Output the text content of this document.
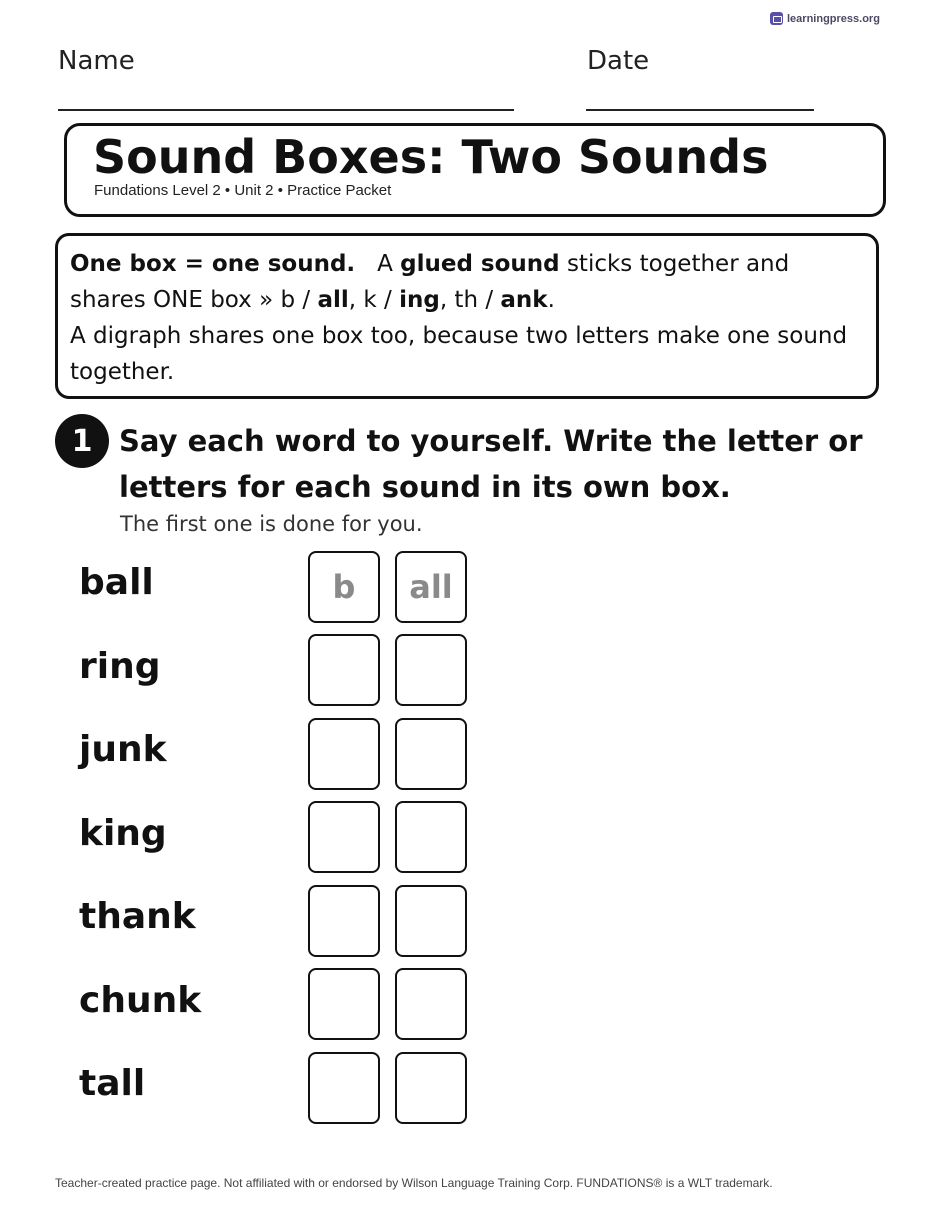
learningpress.org
Name	Date
Sound Boxes: Two Sounds
Fundations Level 2 • Unit 2 • Practice Packet

One box = one sound. A glued sound sticks together and
shares ONE box » b / all, k / ing, th / ank.

A digraph shares one box too, because two letters make one sound together.

1 Say each word to yourself. Write the letter or letters for each sound in its own box.
The first one is done for you.
ball	b	all
ring
junk
king
thank
chunk
tall
Teacher-created practice page. Not affiliated with or endorsed by Wilson Language Training Corp. FUNDATIONS® is a WLT trademark.
